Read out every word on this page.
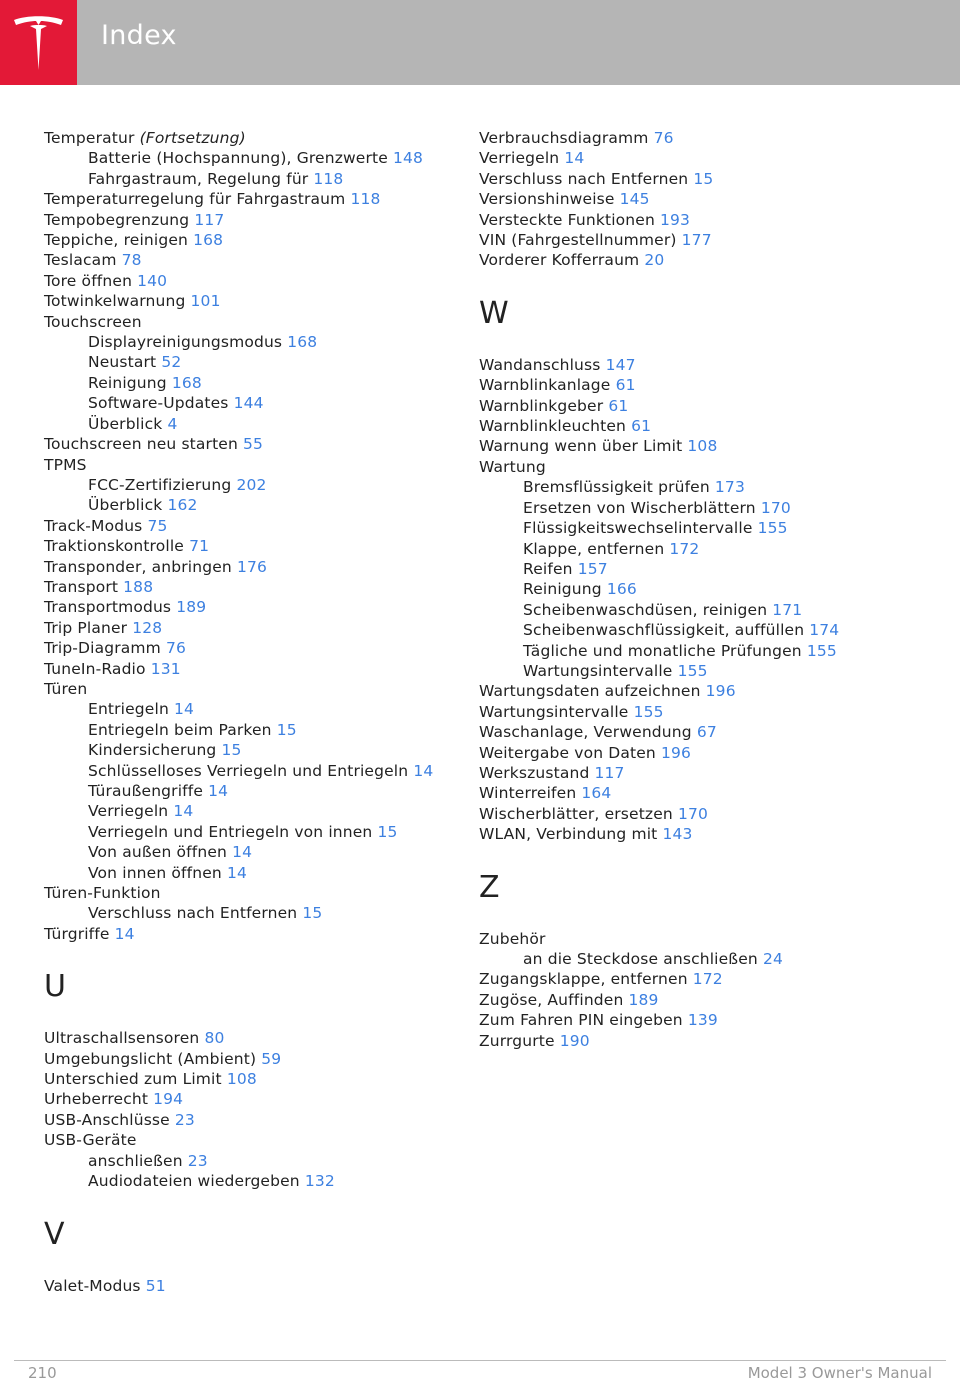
Index
Temperatur (Fortsetzung)
Batterie (Hochspannung), Grenzwerte 148
Fahrgastraum, Regelung für 118
Temperaturregelung für Fahrgastraum 118
Tempobegrenzung 117
Teppiche, reinigen 168
Teslacam 78
Tore öffnen 140
Totwinkelwarnung 101
Touchscreen
Displayreinigungsmodus 168
Neustart 52
Reinigung 168
Software-Updates 144
Überblick 4
Touchscreen neu starten 55
TPMS
FCC-Zertifizierung 202
Überblick 162
Track-Modus 75
Traktionskontrolle 71
Transponder, anbringen 176
Transport 188
Transportmodus 189
Trip Planer 128
Trip-Diagramm 76
TuneIn-Radio 131
Türen
Entriegeln 14
Entriegeln beim Parken 15
Kindersicherung 15
Schlüsselloses Verriegeln und Entriegeln 14
Türaußengriffe 14
Verriegeln 14
Verriegeln und Entriegeln von innen 15
Von außen öffnen 14
Von innen öffnen 14
Türen-Funktion
Verschluss nach Entfernen 15
Türgriffe 14
U
Ultraschallsensoren 80
Umgebungslicht (Ambient) 59
Unterschied zum Limit 108
Urheberrecht 194
USB-Anschlüsse 23
USB-Geräte
anschließen 23
Audiodateien wiedergeben 132
V
Valet-Modus 51
Verbrauchsdiagramm 76
Verriegeln 14
Verschluss nach Entfernen 15
Versionshinweise 145
Versteckte Funktionen 193
VIN (Fahrgestellnummer) 177
Vorderer Kofferraum 20
W
Wandanschluss 147
Warnblinkanlage 61
Warnblinkgeber 61
Warnblinkleuchten 61
Warnung wenn über Limit 108
Wartung
Bremsflüssigkeit prüfen 173
Ersetzen von Wischerblättern 170
Flüssigkeitswechselintervalle 155
Klappe, entfernen 172
Reifen 157
Reinigung 166
Scheibenwaschdüsen, reinigen 171
Scheibenwaschflüssigkeit, auffüllen 174
Tägliche und monatliche Prüfungen 155
Wartungsintervalle 155
Wartungsdaten aufzeichnen 196
Wartungsintervalle 155
Waschanlage, Verwendung 67
Weitergabe von Daten 196
Werkszustand 117
Winterreifen 164
Wischerblätter, ersetzen 170
WLAN, Verbindung mit 143
Z
Zubehör
an die Steckdose anschließen 24
Zugangsklappe, entfernen 172
Zugöse, Auffinden 189
Zum Fahren PIN eingeben 139
Zurrgurte 190
210	Model 3 Owner's Manual
